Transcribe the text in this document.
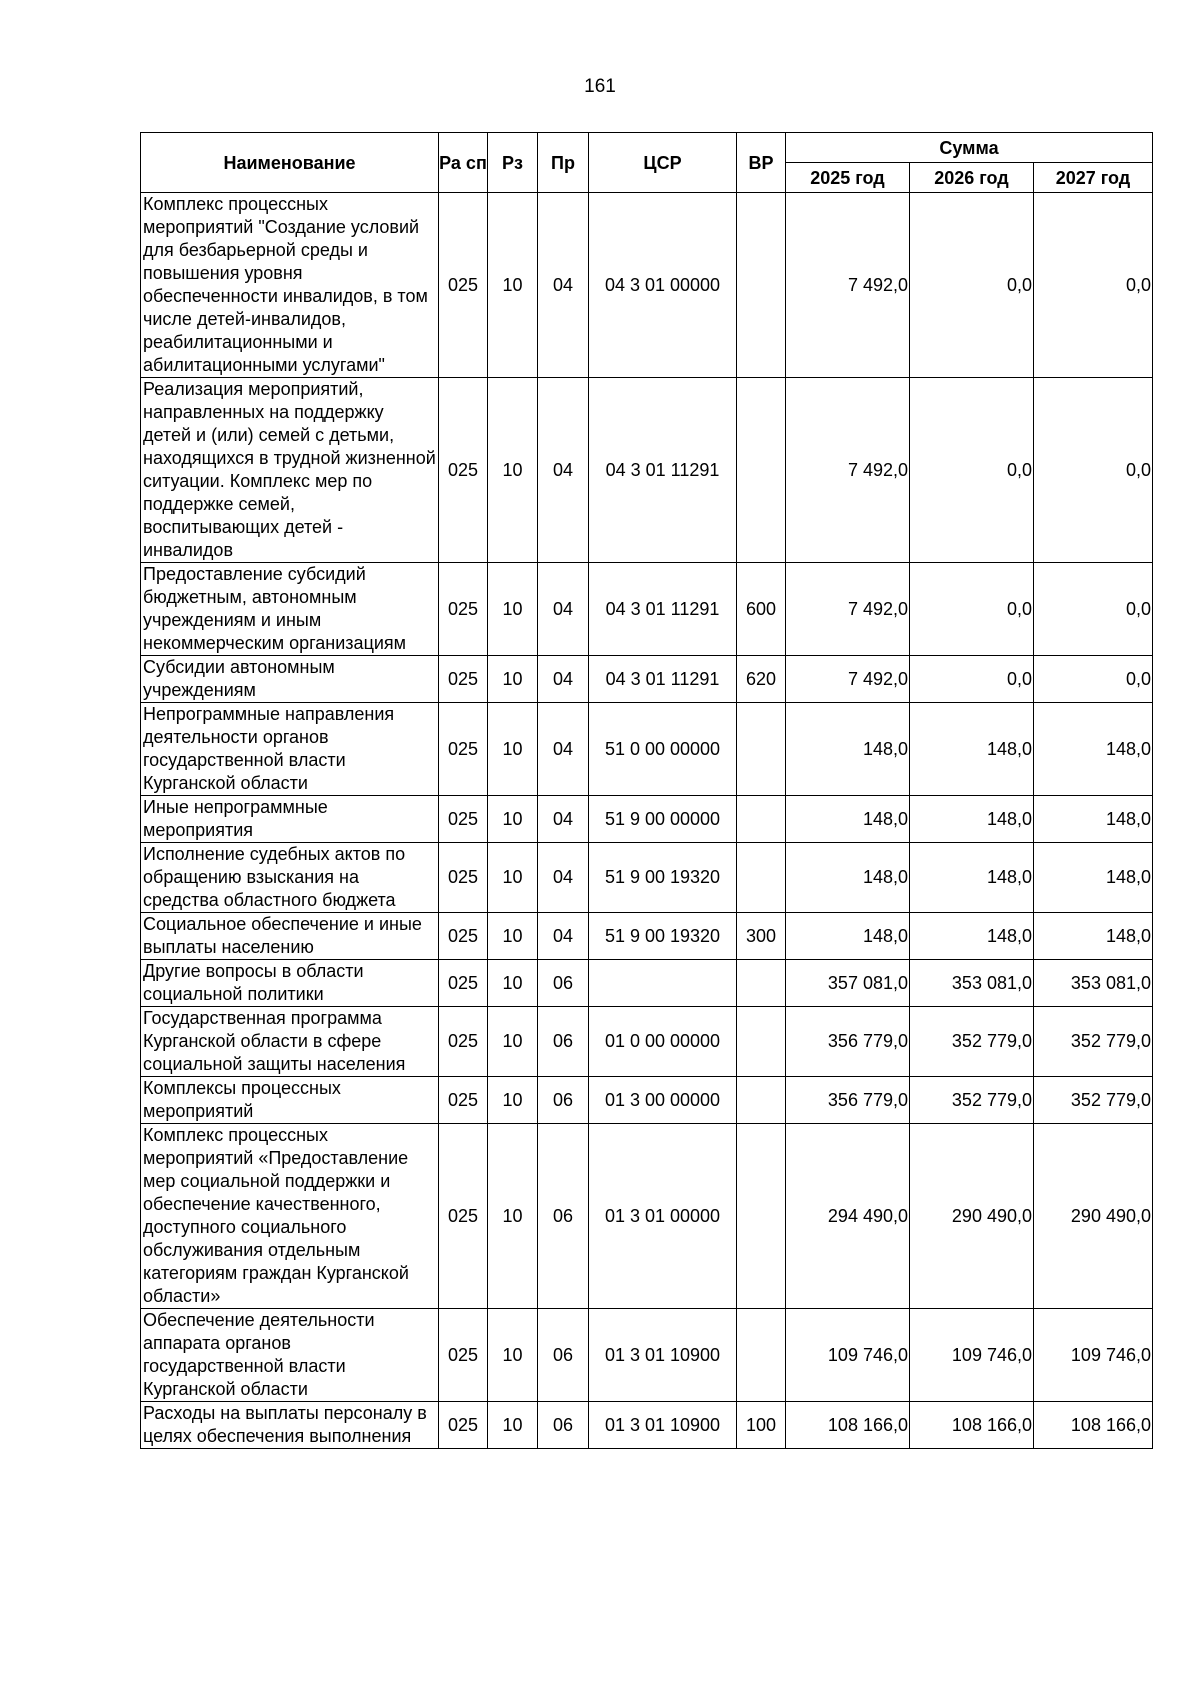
161
Наименование	Ра сп	Рз	Пр	ЦСР	ВР	Сумма		
						2025 год	2026 год	2027 год
Комплекс процессных мероприятий "Создание условий для безбарьерной среды и повышения уровня обеспеченности инвалидов, в том числе детей-инвалидов, реабилитационными и абилитационными услугами"	025	10	04	04 3 01 00000		7 492,0	0,0	0,0
Реализация мероприятий, направленных на поддержку детей и (или) семей с детьми, находящихся в трудной жизненной ситуации. Комплекс мер по поддержке семей, воспитывающих детей - инвалидов	025	10	04	04 3 01 11291		7 492,0	0,0	0,0
Предоставление субсидий бюджетным, автономным учреждениям и иным некоммерческим организациям	025	10	04	04 3 01 11291	600	7 492,0	0,0	0,0
Субсидии автономным учреждениям	025	10	04	04 3 01 11291	620	7 492,0	0,0	0,0
Непрограммные направления деятельности органов государственной власти Курганской области	025	10	04	51 0 00 00000		148,0	148,0	148,0
Иные непрограммные мероприятия	025	10	04	51 9 00 00000		148,0	148,0	148,0
Исполнение судебных актов по обращению взыскания на средства областного бюджета	025	10	04	51 9 00 19320		148,0	148,0	148,0
Социальное обеспечение и иные выплаты населению	025	10	04	51 9 00 19320	300	148,0	148,0	148,0
Другие вопросы в области социальной политики	025	10	06			357 081,0	353 081,0	353 081,0
Государственная программа Курганской области в сфере социальной защиты населения	025	10	06	01 0 00 00000		356 779,0	352 779,0	352 779,0
Комплексы процессных мероприятий	025	10	06	01 3 00 00000		356 779,0	352 779,0	352 779,0
Комплекс процессных мероприятий «Предоставление мер социальной поддержки и обеспечение качественного, доступного социального обслуживания отдельным категориям граждан Курганской области»	025	10	06	01 3 01 00000		294 490,0	290 490,0	290 490,0
Обеспечение деятельности аппарата органов государственной власти Курганской области	025	10	06	01 3 01 10900		109 746,0	109 746,0	109 746,0
Расходы на выплаты персоналу в целях обеспечения выполнения	025	10	06	01 3 01 10900	100	108 166,0	108 166,0	108 166,0
